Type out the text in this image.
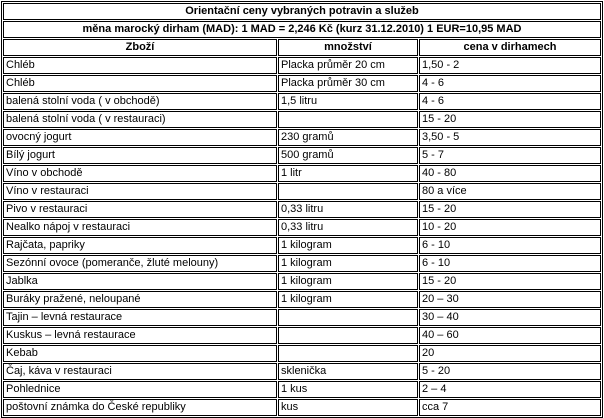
Orientační ceny vybraných potravin a služeb		
měna marocký dirham (MAD): 1 MAD = 2,246 Kč (kurz 31.12.2010) 1 EUR=10,95 MAD		
Zboží	množství	cena v dirhamech
Chléb	Placka průměr 20 cm	1,50 - 2
Chléb	Placka průměr 30 cm	4 - 6
balená stolní voda ( v obchodě)	1,5 litru	4 - 6
balená stolní voda ( v restauraci)		15 - 20
ovocný jogurt	230 gramů	3,50 - 5
Bílý jogurt	500 gramů	5 - 7
Víno v obchodě	1 litr	40 - 80
Víno v restauraci		80 a více
Pivo v restauraci	0,33 litru	15 - 20
Nealko nápoj v restauraci	0,33 litru	10 - 20
Rajčata, papriky	1 kilogram	6 - 10
Sezónní ovoce (pomeranče, žluté melouny)	1 kilogram	6 - 10
Jablka	1 kilogram	15 - 20
Buráky pražené, neloupané	1 kilogram	20 – 30
Tajin – levná restaurace		30 – 40
Kuskus – levná restaurace		40 – 60
Kebab		20
Čaj, káva v restauraci	sklenička	5 - 20
Pohlednice	1 kus	2 – 4
poštovní známka do České republiky	kus	cca 7
